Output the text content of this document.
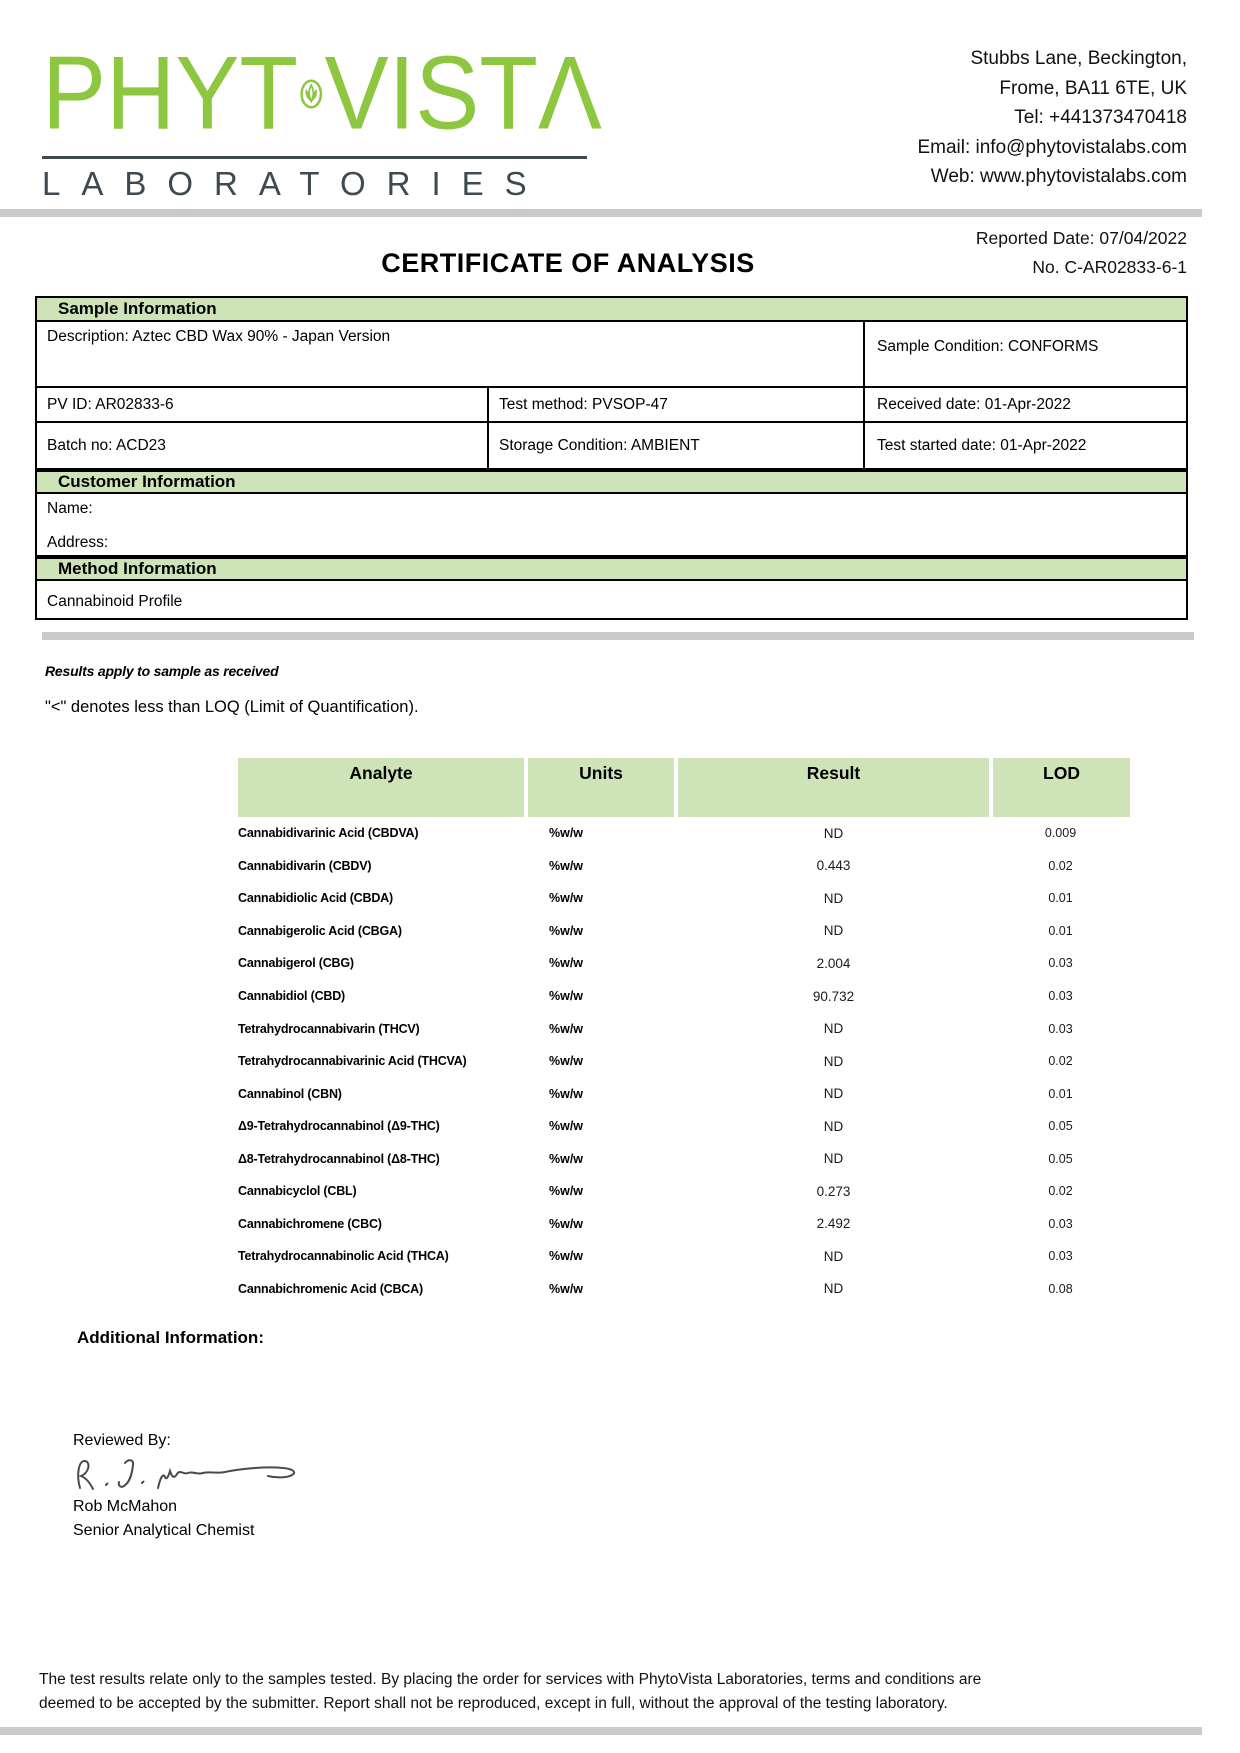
PHYT VISTΛ
LABORATORIES
Stubbs Lane, Beckington,
Frome, BA11 6TE, UK
Tel: +441373470418
Email: info@phytovistalabs.com
Web: www.phytovistalabs.com
Reported Date: 07/04/2022
No. C-AR02833-6-1
CERTIFICATE OF ANALYSIS
Sample Information
Description: Aztec CBD Wax 90% - Japan Version
Sample Condition: CONFORMS
PV ID: AR02833-6	Test method: PVSOP-47	Received date: 01-Apr-2022
Batch no: ACD23	Storage Condition: AMBIENT	Test started date: 01-Apr-2022
Customer Information
Name:
Address:
Method Information
Cannabinoid Profile
Results apply to sample as received
"<" denotes less than LOQ (Limit of Quantification).
Analyte	Units	Result	LOD
Cannabidivarinic Acid (CBDVA)	%w/w	ND	0.009
Cannabidivarin (CBDV)	%w/w	0.443	0.02
Cannabidiolic Acid (CBDA)	%w/w	ND	0.01
Cannabigerolic Acid (CBGA)	%w/w	ND	0.01
Cannabigerol (CBG)	%w/w	2.004	0.03
Cannabidiol (CBD)	%w/w	90.732	0.03
Tetrahydrocannabivarin (THCV)	%w/w	ND	0.03
Tetrahydrocannabivarinic Acid (THCVA)	%w/w	ND	0.02
Cannabinol (CBN)	%w/w	ND	0.01
Δ9-Tetrahydrocannabinol (Δ9-THC)	%w/w	ND	0.05
Δ8-Tetrahydrocannabinol (Δ8-THC)	%w/w	ND	0.05
Cannabicyclol (CBL)	%w/w	0.273	0.02
Cannabichromene (CBC)	%w/w	2.492	0.03
Tetrahydrocannabinolic Acid (THCA)	%w/w	ND	0.03
Cannabichromenic Acid (CBCA)	%w/w	ND	0.08
Additional Information:
Reviewed By:
Rob McMahon
Senior Analytical Chemist
The test results relate only to the samples tested. By placing the order for services with PhytoVista Laboratories, terms and conditions are
deemed to be accepted by the submitter. Report shall not be reproduced, except in full, without the approval of the testing laboratory.
